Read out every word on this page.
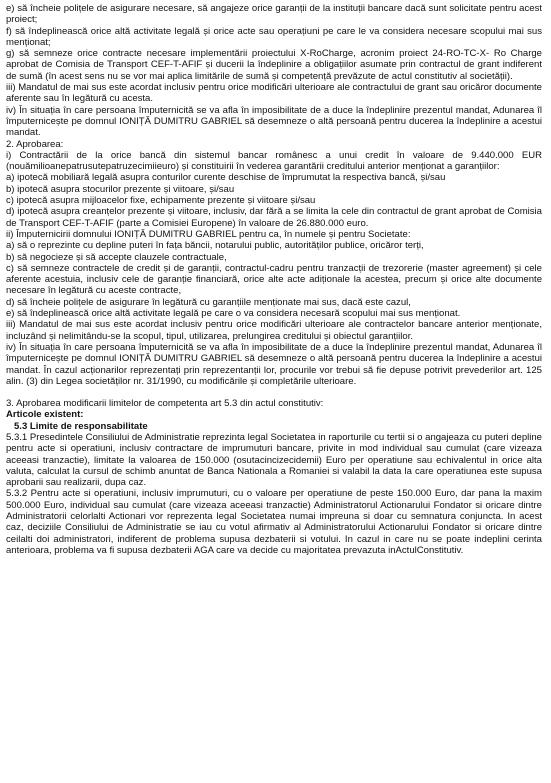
e) să încheie polițele de asigurare necesare, să angajeze orice garanții de la instituții bancare dacă sunt solicitate pentru acest proiect;

f) să îndeplinească orice altă activitate legală și orice acte sau operațiuni pe care le va considera necesare scopului mai sus menționat;

g) să semneze orice contracte necesare implementării proiectului X-RoCharge, acronim proiect 24-RO-TC-X- Ro Charge aprobat de Comisia de Transport CEF-T-AFIF și ducerii la îndeplinire a obligațiilor asumate prin contractul de grant indiferent de sumă (în acest sens nu se vor mai aplica limitările de sumă și competență prevăzute de actul constitutiv al societății).

iii) Mandatul de mai sus este acordat inclusiv pentru orice modificări ulterioare ale contractului de grant sau oricăror documente aferente sau în legătură cu acesta.

iv) În situația în care persoana împuternicită se va afla în imposibilitate de a duce la îndeplinire prezentul mandat, Adunarea îl împuternicește pe domnul IONIȚĂ DUMITRU GABRIEL să desemneze o altă persoană pentru ducerea la îndeplinire a acestui mandat.

2. Aprobarea:

i) Contractării de la orice bancă din sistemul bancar românesc a unui credit în valoare de 9.440.000 EUR (nouămilioanepatrusutepatruzecimiieuro) și constituirii în vederea garantării creditului anterior menționat a garanțiilor:

a) ipotecă mobiliară legală asupra conturilor curente deschise de împrumutat la respectiva bancă, și/sau

b) ipotecă asupra stocurilor prezente și viitoare, și/sau

c) ipotecă asupra mijloacelor fixe, echipamente prezente și viitoare și/sau

d) ipotecă asupra creanțelor prezente și viitoare, inclusiv, dar fără a se limita la cele din contractul de grant aprobat de Comisia de Transport CEF-T-AFIF (parte a Comisiei Europene) în valoare de 26.880.000 euro.

ii) Împuternicirii domnului IONIȚĂ DUMITRU GABRIEL pentru ca, în numele și pentru Societate:

a) să o reprezinte cu depline puteri în fața băncii, notarului public, autorităților publice, oricăror terți,

b) să negocieze și să accepte clauzele contractuale,

c) să semneze contractele de credit și de garanții, contractul-cadru pentru tranzacții de trezorerie (master agreement) și cele aferente acestuia, inclusiv cele de garanție financiară, orice alte acte adiționale la acestea, precum și orice alte documente necesare în legătură cu aceste contracte,

d) să încheie polițele de asigurare în legătură cu garanțiile menționate mai sus, dacă este cazul,

e) să îndeplinească orice altă activitate legală pe care o va considera necesară scopului mai sus menționat.

iii) Mandatul de mai sus este acordat inclusiv pentru orice modificări ulterioare ale contractelor bancare anterior menționate, incluzând și nelimitându-se la scopul, tipul, utilizarea, prelungirea creditului și obiectul garanțiilor.

iv) În situația în care persoana împuternicită se va afla în imposibilitate de a duce la îndeplinire prezentul mandat, Adunarea îl împuternicește pe domnul IONIȚĂ DUMITRU GABRIEL să desemneze o altă persoană pentru ducerea la îndeplinire a acestui mandat. În cazul acționarilor reprezentați prin reprezentanții lor, procurile vor trebui să fie depuse potrivit prevederilor art. 125 alin. (3) din Legea societăților nr. 31/1990, cu modificările și completările ulterioare.

3. Aprobarea modificarii limitelor de competenta art 5.3 din actul constitutiv:

Articole existent:

5.3 Limite de responsabilitate

5.3.1 Presedintele Consiliului de Administratie reprezinta legal Societatea in raporturile cu tertii si o angajeaza cu puteri depline pentru acte si operatiuni, inclusiv contractare de imprumuturi bancare, privite in mod individual sau cumulat (care vizeaza aceeasi tranzactie), limitate la valoarea de 150.000 (osutacincizecidemii) Euro per operatiune sau echivalentul in orice alta valuta, calculat la cursul de schimb anuntat de Banca Nationala a Romaniei si valabil la data la care operatiunea este supusa aprobarii sau realizarii, dupa caz.

5.3.2 Pentru acte si operatiuni, inclusiv imprumuturi, cu o valoare per operatiune de peste 150.000 Euro, dar pana la maxim 500.000 Euro, individual sau cumulat (care vizeaza aceeasi tranzactie) Administratorul Actionarului Fondator si oricare dintre Administratorii celorlalti Actionari vor reprezenta legal Societatea numai impreuna si doar cu semnatura conjuncta. In acest caz, deciziile Consiliului de Administratie se iau cu votul afirmativ al Administratorului Actionarului Fondator si oricare dintre ceilalti doi administratori, indiferent de problema supusa dezbaterii si votului. In cazul in care nu se poate indeplini cerinta anterioara, problema va fi supusa dezbaterii AGA care va decide cu majoritatea prevazuta inActulConstitutiv.
